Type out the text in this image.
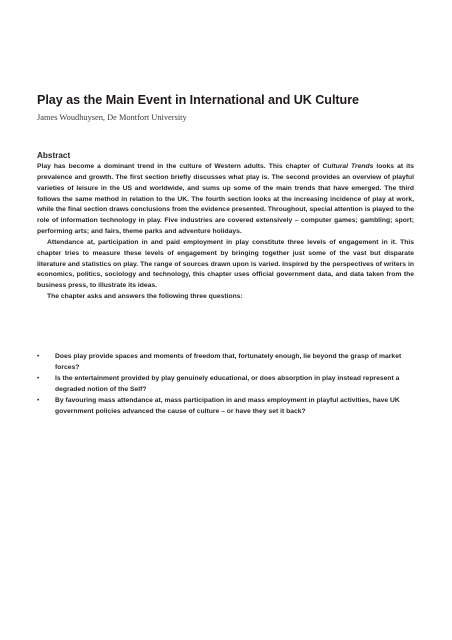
Play as the Main Event in International and UK Culture
James Woudhuysen, De Montfort University
Abstract

Play has become a dominant trend in the culture of Western adults. This chapter of Cultural Trends looks at its prevalence and growth. The first section briefly discusses what play is. The second provides an overview of playful varieties of leisure in the US and worldwide, and sums up some of the main trends that have emerged. The third follows the same method in relation to the UK. The fourth section looks at the increasing incidence of play at work, while the final section draws conclusions from the evidence presented. Throughout, special attention is played to the role of information technology in play. Five industries are covered extensively – computer games; gambling; sport; performing arts; and fairs, theme parks and adventure holidays.

Attendance at, participation in and paid employment in play constitute three levels of engagement in it. This chapter tries to measure these levels of engagement by bringing together just some of the vast but disparate literature and statistics on play. The range of sources drawn upon is varied. Inspired by the perspectives of writers in economics, politics, sociology and technology, this chapter uses official government data, and data taken from the business press, to illustrate its ideas.

The chapter asks and answers the following three questions:

• Does play provide spaces and moments of freedom that, fortunately enough, lie beyond the grasp of market forces?
• Is the entertainment provided by play genuinely educational, or does absorption in play instead represent a degraded notion of the Self?
• By favouring mass attendance at, mass participation in and mass employment in playful activities, have UK government policies advanced the cause of culture – or have they set it back?
